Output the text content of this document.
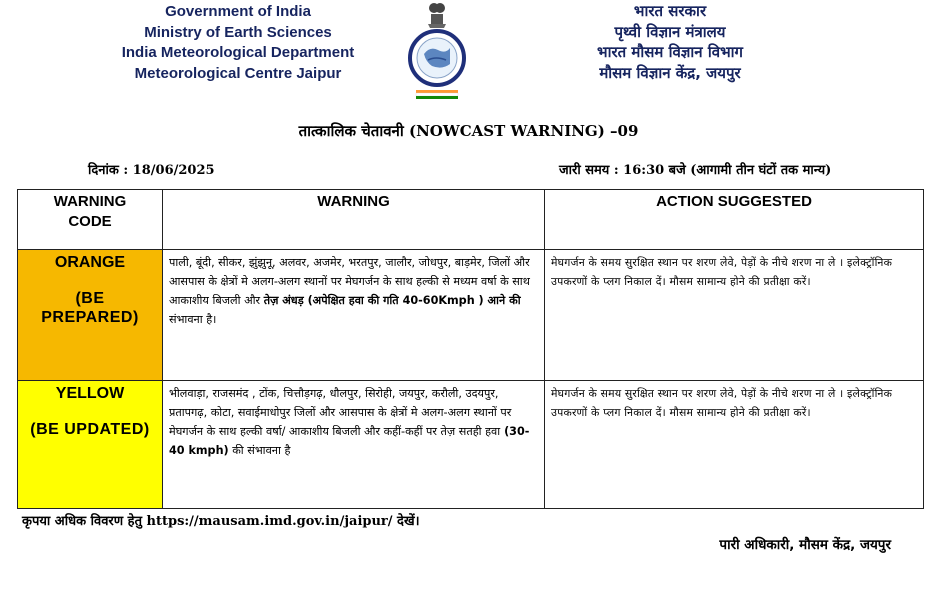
Government of India
Ministry of Earth Sciences
India Meteorological Department
Meteorological Centre Jaipur
भारत सरकार
पृथ्वी विज्ञान मंत्रालय
भारत मौसम विज्ञान विभाग
मौसम विज्ञान केंद्र, जयपुर
तात्कालिक चेतावनी (NOWCAST WARNING) –09
दिनांक : 18/06/2025	जारी समय : 16:30 बजे (आगामी तीन घंटों तक मान्य)
WARNING CODE	WARNING	ACTION SUGGESTED

ORANGE
(BE PREPARED)	पाली, बूंदी, सीकर, झुंझुनू, अलवर, अजमेर, भरतपुर, जालौर, जोधपुर, बाड़मेर, जिलों और आसपास के क्षेत्रों मे अलग-अलग स्थानों पर मेघगर्जन के साथ हल्की से मध्यम वर्षा के साथ आकाशीय बिजली और तेज़ अंधड़ (अपेक्षित हवा की गति 40-60Kmph ) आने की संभावना है।	मेघगर्जन के समय सुरक्षित स्थान पर शरण लेवे, पेड़ों के नीचे शरण ना ले । इलेक्ट्रॉनिक उपकरणों के प्लग निकाल दें। मौसम सामान्य होने की प्रतीक्षा करें।

YELLOW
(BE UPDATED)	भीलवाड़ा, राजसमंद , टोंक, चित्तौड़गढ़, धौलपुर, सिरोही, जयपुर, करौली, उदयपुर, प्रतापगढ़, कोटा, सवाईमाधोपुर जिलों और आसपास के क्षेत्रों मे अलग-अलग स्थानों पर मेघगर्जन के साथ हल्की वर्षा/ आकाशीय बिजली और कहीं-कहीं पर तेज़ सतही हवा (30-40 kmph) की संभावना है	मेघगर्जन के समय सुरक्षित स्थान पर शरण लेवे, पेड़ों के नीचे शरण ना ले । इलेक्ट्रॉनिक उपकरणों के प्लग निकाल दें। मौसम सामान्य होने की प्रतीक्षा करें।
कृपया अधिक विवरण हेतु https://mausam.imd.gov.in/jaipur/ देखें।
पारी अधिकारी, मौसम केंद्र, जयपुर
